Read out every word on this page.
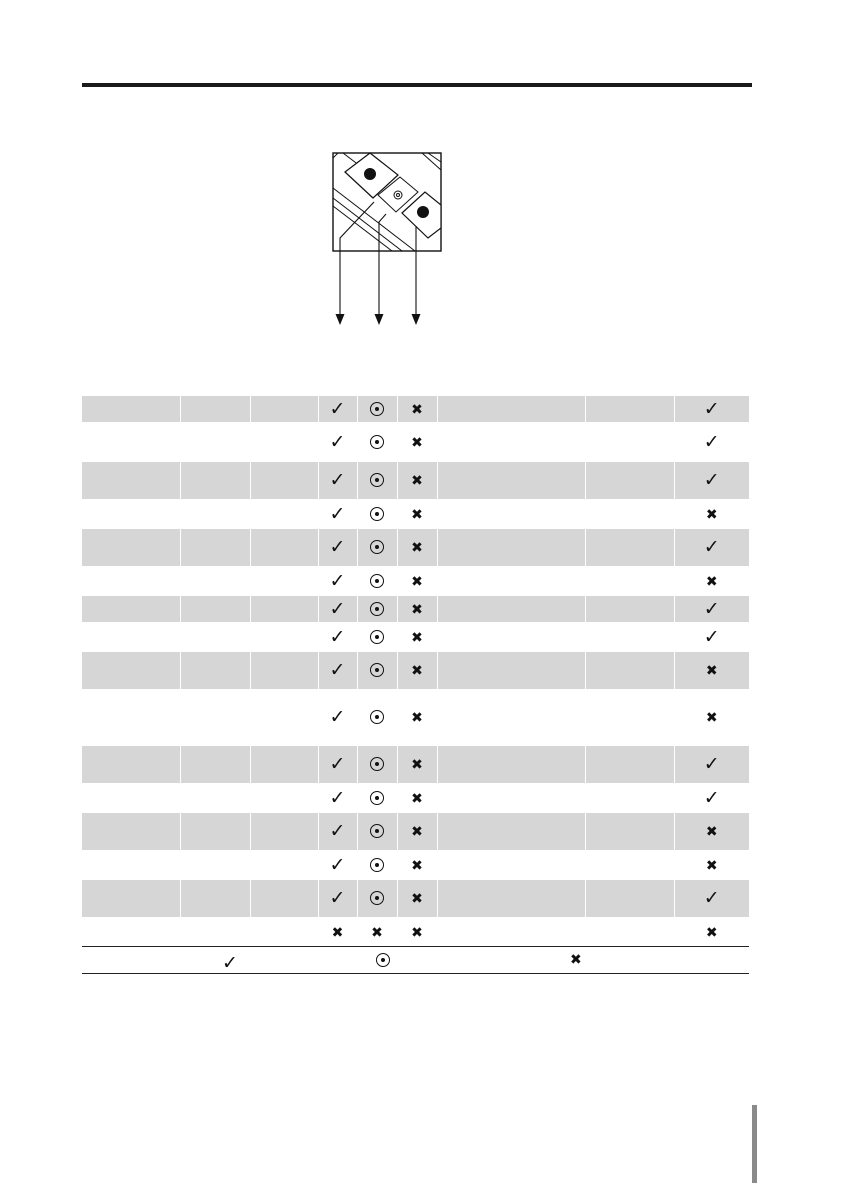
			✓		✖			✓
			✓		✖			✓
			✓		✖			✓
			✓		✖			✖
			✓		✖			✓
			✓		✖			✖
			✓		✖			✓
			✓		✖			✓
			✓		✖			✖
			✓		✖			✖
			✓		✖			✓
			✓		✖			✓
			✓		✖			✖
			✓		✖			✖
			✓		✖			✓
			✖	✖	✖			✖
✓	✖
